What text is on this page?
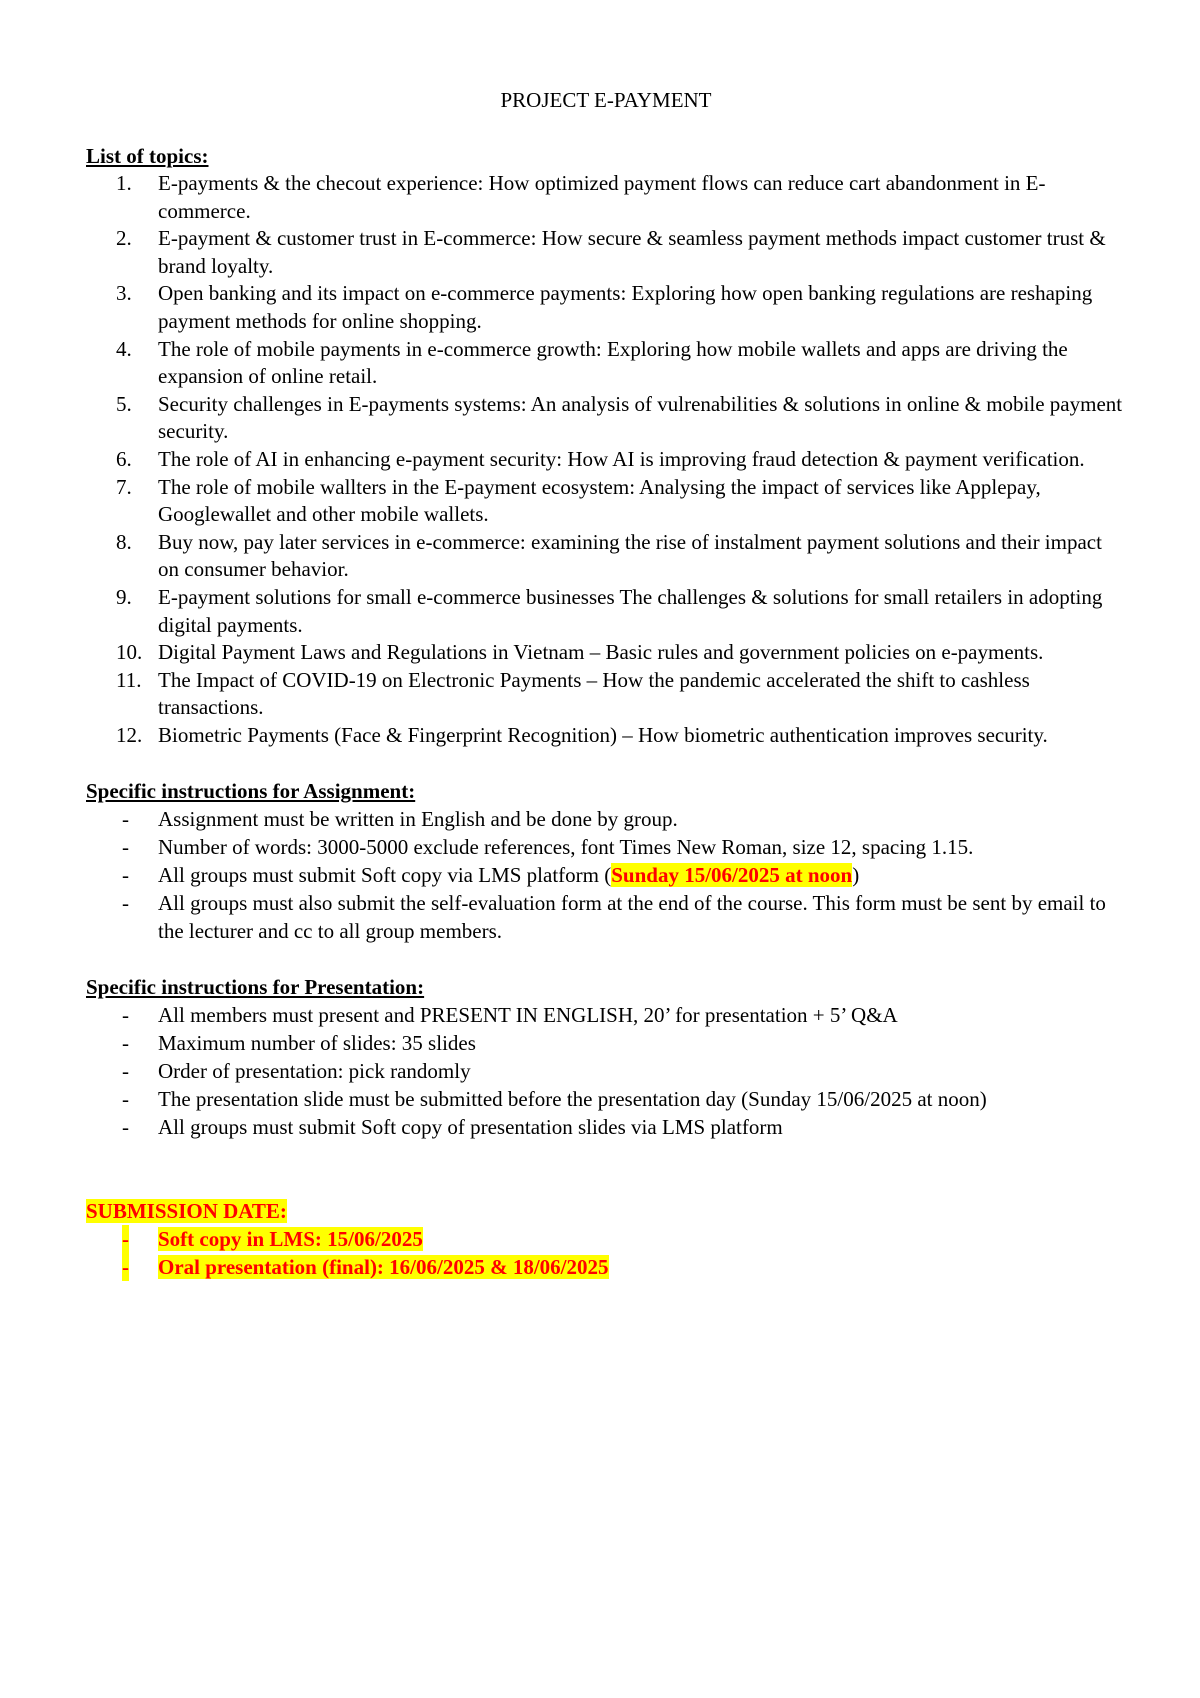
PROJECT E-PAYMENT

List of topics:

1.	E-payments & the checout experience: How optimized payment flows can reduce cart abandonment in E-commerce.
2.	E-payment & customer trust in E-commerce: How secure & seamless payment methods impact customer trust & brand loyalty.
3.	Open banking and its impact on e-commerce payments: Exploring how open banking regulations are reshaping payment methods for online shopping.
4.	The role of mobile payments in e-commerce growth: Exploring how mobile wallets and apps are driving the expansion of online retail.
5.	Security challenges in E-payments systems: An analysis of vulrenabilities & solutions in online & mobile payment security.
6.	The role of AI in enhancing e-payment security: How AI is improving fraud detection & payment verification.
7.	The role of mobile wallters in the E-payment ecosystem: Analysing the impact of services like Applepay, Googlewallet and other mobile wallets.
8.	Buy now, pay later services in e-commerce: examining the rise of instalment payment solutions and their impact on consumer behavior.
9.	E-payment solutions for small e-commerce businesses The challenges & solutions for small retailers in adopting digital payments.
10. Digital Payment Laws and Regulations in Vietnam – Basic rules and government policies on e-payments.
11. The Impact of COVID-19 on Electronic Payments – How the pandemic accelerated the shift to cashless transactions.
12. Biometric Payments (Face & Fingerprint Recognition) – How biometric authentication improves security.

Specific instructions for Assignment:

- Assignment must be written in English and be done by group.
- Number of words: 3000-5000 exclude references, font Times New Roman, size 12, spacing 1.15.
- All groups must submit Soft copy via LMS platform (Sunday 15/06/2025 at noon)
- All groups must also submit the self-evaluation form at the end of the course. This form must be sent by email to the lecturer and cc to all group members.

Specific instructions for Presentation:

- All members must present and PRESENT IN ENGLISH, 20’ for presentation + 5’ Q&A
- Maximum number of slides: 35 slides
- Order of presentation: pick randomly
- The presentation slide must be submitted before the presentation day (Sunday 15/06/2025 at noon)
- All groups must submit Soft copy of presentation slides via LMS platform

SUBMISSION DATE:

- Soft copy in LMS: 15/06/2025
- Oral presentation (final): 16/06/2025 & 18/06/2025
